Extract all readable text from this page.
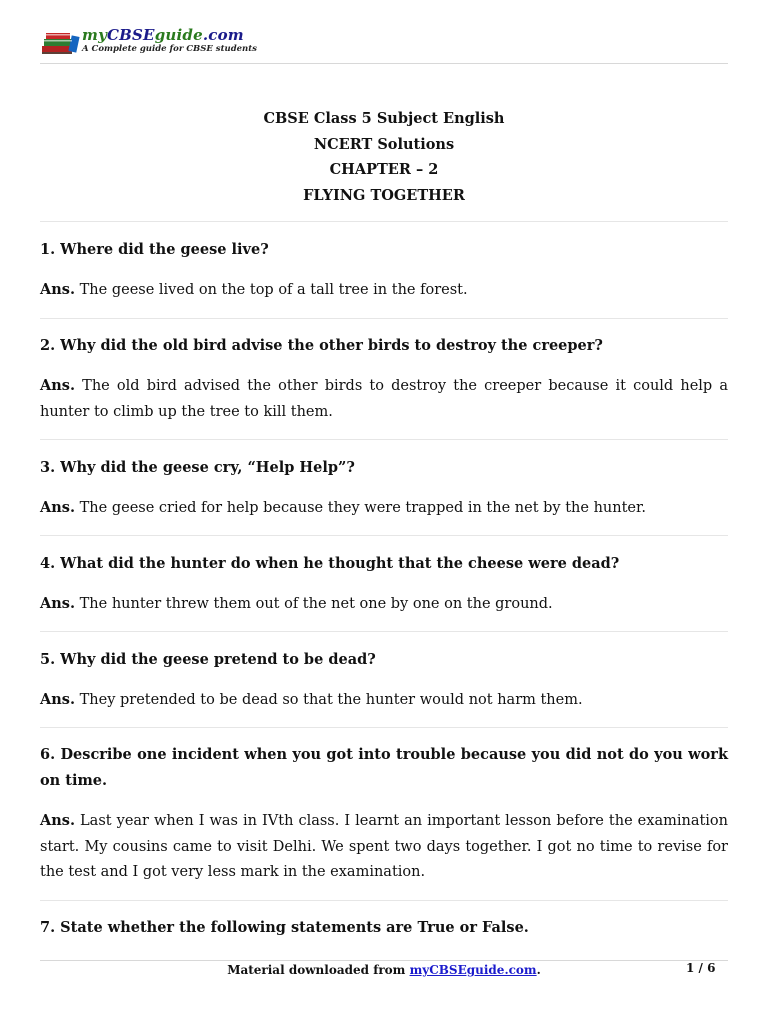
myCBSEguide.com
A Complete guide for CBSE students
CBSE Class 5 Subject English
NCERT Solutions
CHAPTER – 2
FLYING TOGETHER
1. Where did the geese live?
Ans. The geese lived on the top of a tall tree in the forest.
2. Why did the old bird advise the other birds to destroy the creeper?
Ans. The old bird advised the other birds to destroy the creeper because it could help a hunter to climb up the tree to kill them.
3. Why did the geese cry, “Help Help”?
Ans. The geese cried for help because they were trapped in the net by the hunter.
4. What did the hunter do when he thought that the cheese were dead?
Ans. The hunter threw them out of the net one by one on the ground.
5. Why did the geese pretend to be dead?
Ans. They pretended to be dead so that the hunter would not harm them.
6. Describe one incident when you got into trouble because you did not do you work on time.
Ans. Last year when I was in IVth class. I learnt an important lesson before the examination start. My cousins came to visit Delhi. We spent two days together. I got no time to revise for the test and I got very less mark in the examination.
7. State whether the following statements are True or False.
Material downloaded from myCBSEguide.com.	1 / 6
